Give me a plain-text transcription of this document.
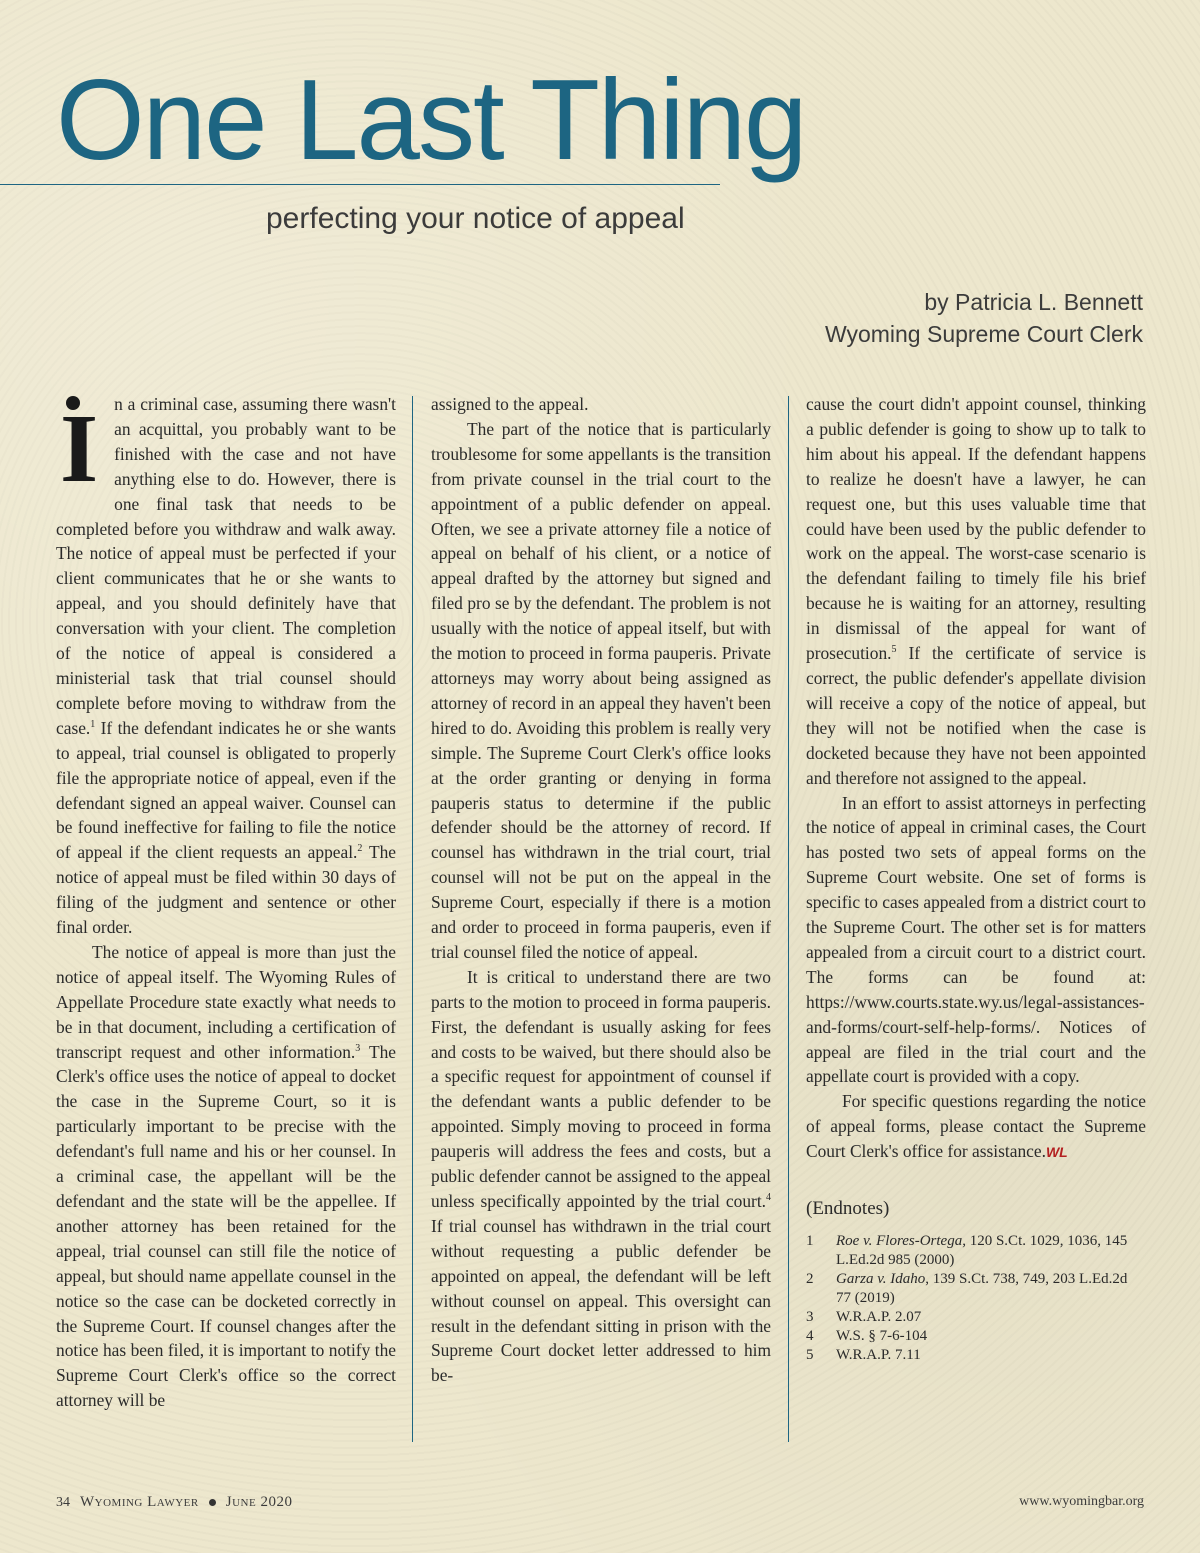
One Last Thing
perfecting your notice of appeal
by Patricia L. Bennett
Wyoming Supreme Court Clerk

In a criminal case, assuming there wasn't an acquittal, you probably want to be finished with the case and not have anything else to do. However, there is one final task that needs to be completed before you withdraw and walk away. The notice of appeal must be perfected if your client communicates that he or she wants to appeal, and you should definitely have that conversation with your client. The completion of the notice of appeal is considered a ministerial task that trial counsel should complete before moving to withdraw from the case.$^1$ If the defendant indicates he or she wants to appeal, trial counsel is obligated to properly file the appropriate notice of appeal, even if the defendant signed an appeal waiver. Counsel can be found ineffective for failing to file the notice of appeal if the client requests an appeal.$^2$ The notice of appeal must be filed within 30 days of filing of the judgment and sentence or other final order.

The notice of appeal is more than just the notice of appeal itself. The Wyoming Rules of Appellate Procedure state exactly what needs to be in that document, including a certification of transcript request and other information.$^3$ The Clerk's office uses the notice of appeal to docket the case in the Supreme Court, so it is particularly important to be precise with the defendant's full name and his or her counsel. In a criminal case, the appellant will be the defendant and the state will be the appellee. If another attorney has been retained for the appeal, trial counsel can still file the notice of appeal, but should name appellate counsel in the notice so the case can be docketed correctly in the Supreme Court. If counsel changes after the notice has been filed, it is important to notify the Supreme Court Clerk's office so the correct attorney will be

assigned to the appeal.

The part of the notice that is particularly troublesome for some appellants is the transition from private counsel in the trial court to the appointment of a public defender on appeal. Often, we see a private attorney file a notice of appeal on behalf of his client, or a notice of appeal drafted by the attorney but signed and filed pro se by the defendant. The problem is not usually with the notice of appeal itself, but with the motion to proceed in forma pauperis. Private attorneys may worry about being assigned as attorney of record in an appeal they haven't been hired to do. Avoiding this problem is really very simple. The Supreme Court Clerk's office looks at the order granting or denying in forma pauperis status to determine if the public defender should be the attorney of record. If counsel has withdrawn in the trial court, trial counsel will not be put on the appeal in the Supreme Court, especially if there is a motion and order to proceed in forma pauperis, even if trial counsel filed the notice of appeal.

It is critical to understand there are two parts to the motion to proceed in forma pauperis. First, the defendant is usually asking for fees and costs to be waived, but there should also be a specific request for appointment of counsel if the defendant wants a public defender to be appointed. Simply moving to proceed in forma pauperis will address the fees and costs, but a public defender cannot be assigned to the appeal unless specifically appointed by the trial court.$^4$ If trial counsel has withdrawn in the trial court without requesting a public defender be appointed on appeal, the defendant will be left without counsel on appeal. This oversight can result in the defendant sitting in prison with the Supreme Court docket letter addressed to him be-

cause the court didn't appoint counsel, thinking a public defender is going to show up to talk to him about his appeal. If the defendant happens to realize he doesn't have a lawyer, he can request one, but this uses valuable time that could have been used by the public defender to work on the appeal. The worst-case scenario is the defendant failing to timely file his brief because he is waiting for an attorney, resulting in dismissal of the appeal for want of prosecution.$^5$ If the certificate of service is correct, the public defender's appellate division will receive a copy of the notice of appeal, but they will not be notified when the case is docketed because they have not been appointed and therefore not assigned to the appeal.

In an effort to assist attorneys in perfecting the notice of appeal in criminal cases, the Court has posted two sets of appeal forms on the Supreme Court website. One set of forms is specific to cases appealed from a district court to the Supreme Court. The other set is for matters appealed from a circuit court to a district court. The forms can be found at: https://www.courts.state.wy.us/legal-assistances-and-forms/court-self-help-forms/. Notices of appeal are filed in the trial court and the appellate court is provided with a copy.

For specific questions regarding the notice of appeal forms, please contact the Supreme Court Clerk's office for assistance.WL

(Endnotes)

1 Roe v. Flores-Ortega, 120 S.Ct. 1029, 1036, 145 L.Ed.2d 985 (2000)
2 Garza v. Idaho, 139 S.Ct. 738, 749, 203 L.Ed.2d 77 (2019)
3 W.R.A.P. 2.07
4 W.S. § 7-6-104
5 W.R.A.P. 7.11
34 Wyoming Lawyer June 2020	www.wyomingbar.org
